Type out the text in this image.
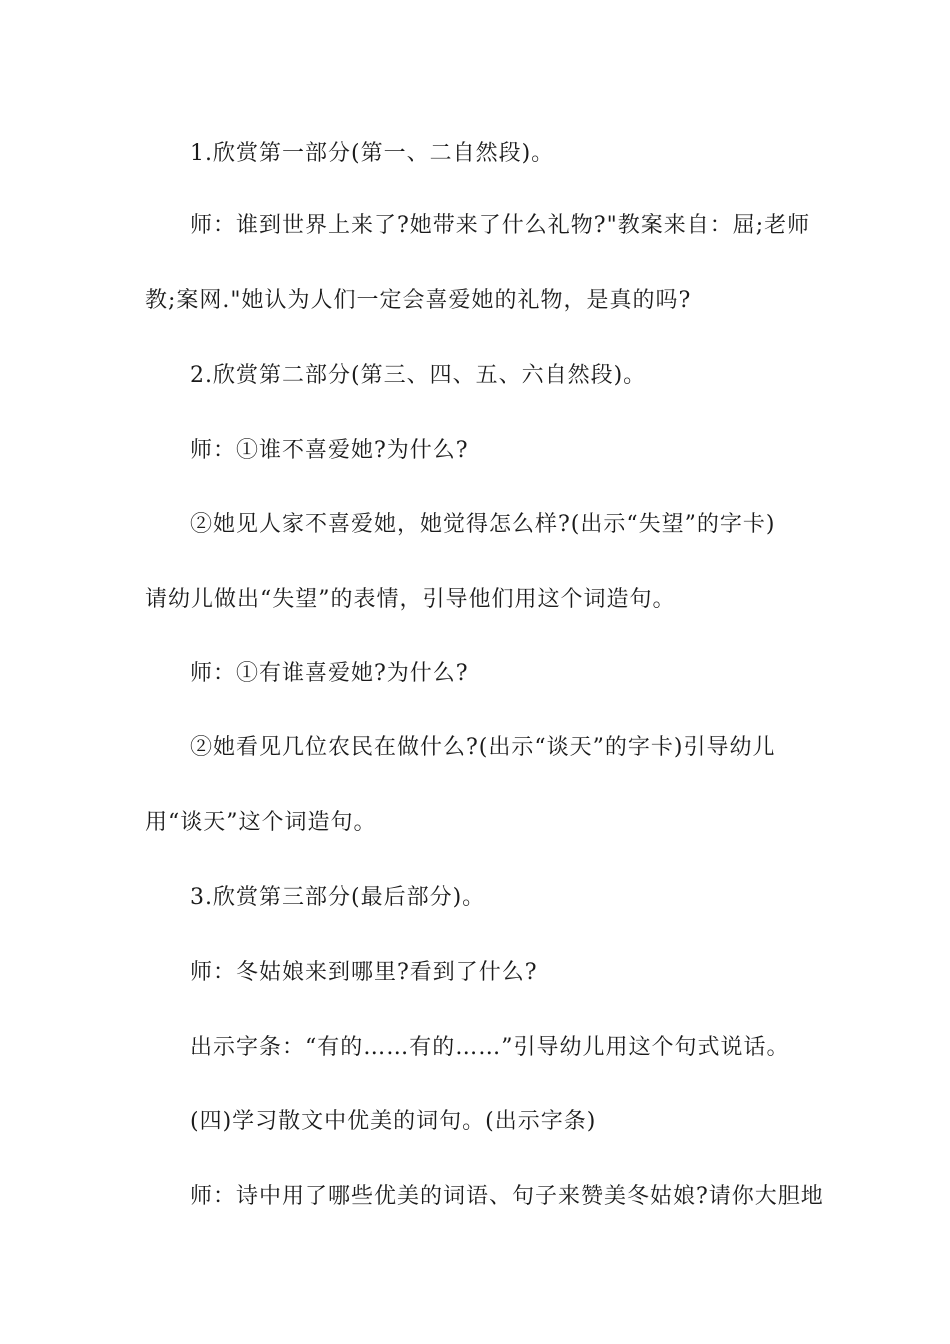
1.欣赏第一部分(第一、二自然段)。
师：谁到世界上来了?她带来了什么礼物?"教案来自：屈;老师
教;案网."她认为人们一定会喜爱她的礼物，是真的吗?
2.欣赏第二部分(第三、四、五、六自然段)。
师：①谁不喜爱她?为什么?
②她见人家不喜爱她，她觉得怎么样?(出示“失望”的字卡)
请幼儿做出“失望”的表情，引导他们用这个词造句。
师：①有谁喜爱她?为什么?
②她看见几位农民在做什么?(出示“谈天”的字卡)引导幼儿
用“谈天”这个词造句。
3.欣赏第三部分(最后部分)。
师：冬姑娘来到哪里?看到了什么?
出示字条：“有的……有的……”引导幼儿用这个句式说话。
(四)学习散文中优美的词句。(出示字条)
师：诗中用了哪些优美的词语、句子来赞美冬姑娘?请你大胆地
